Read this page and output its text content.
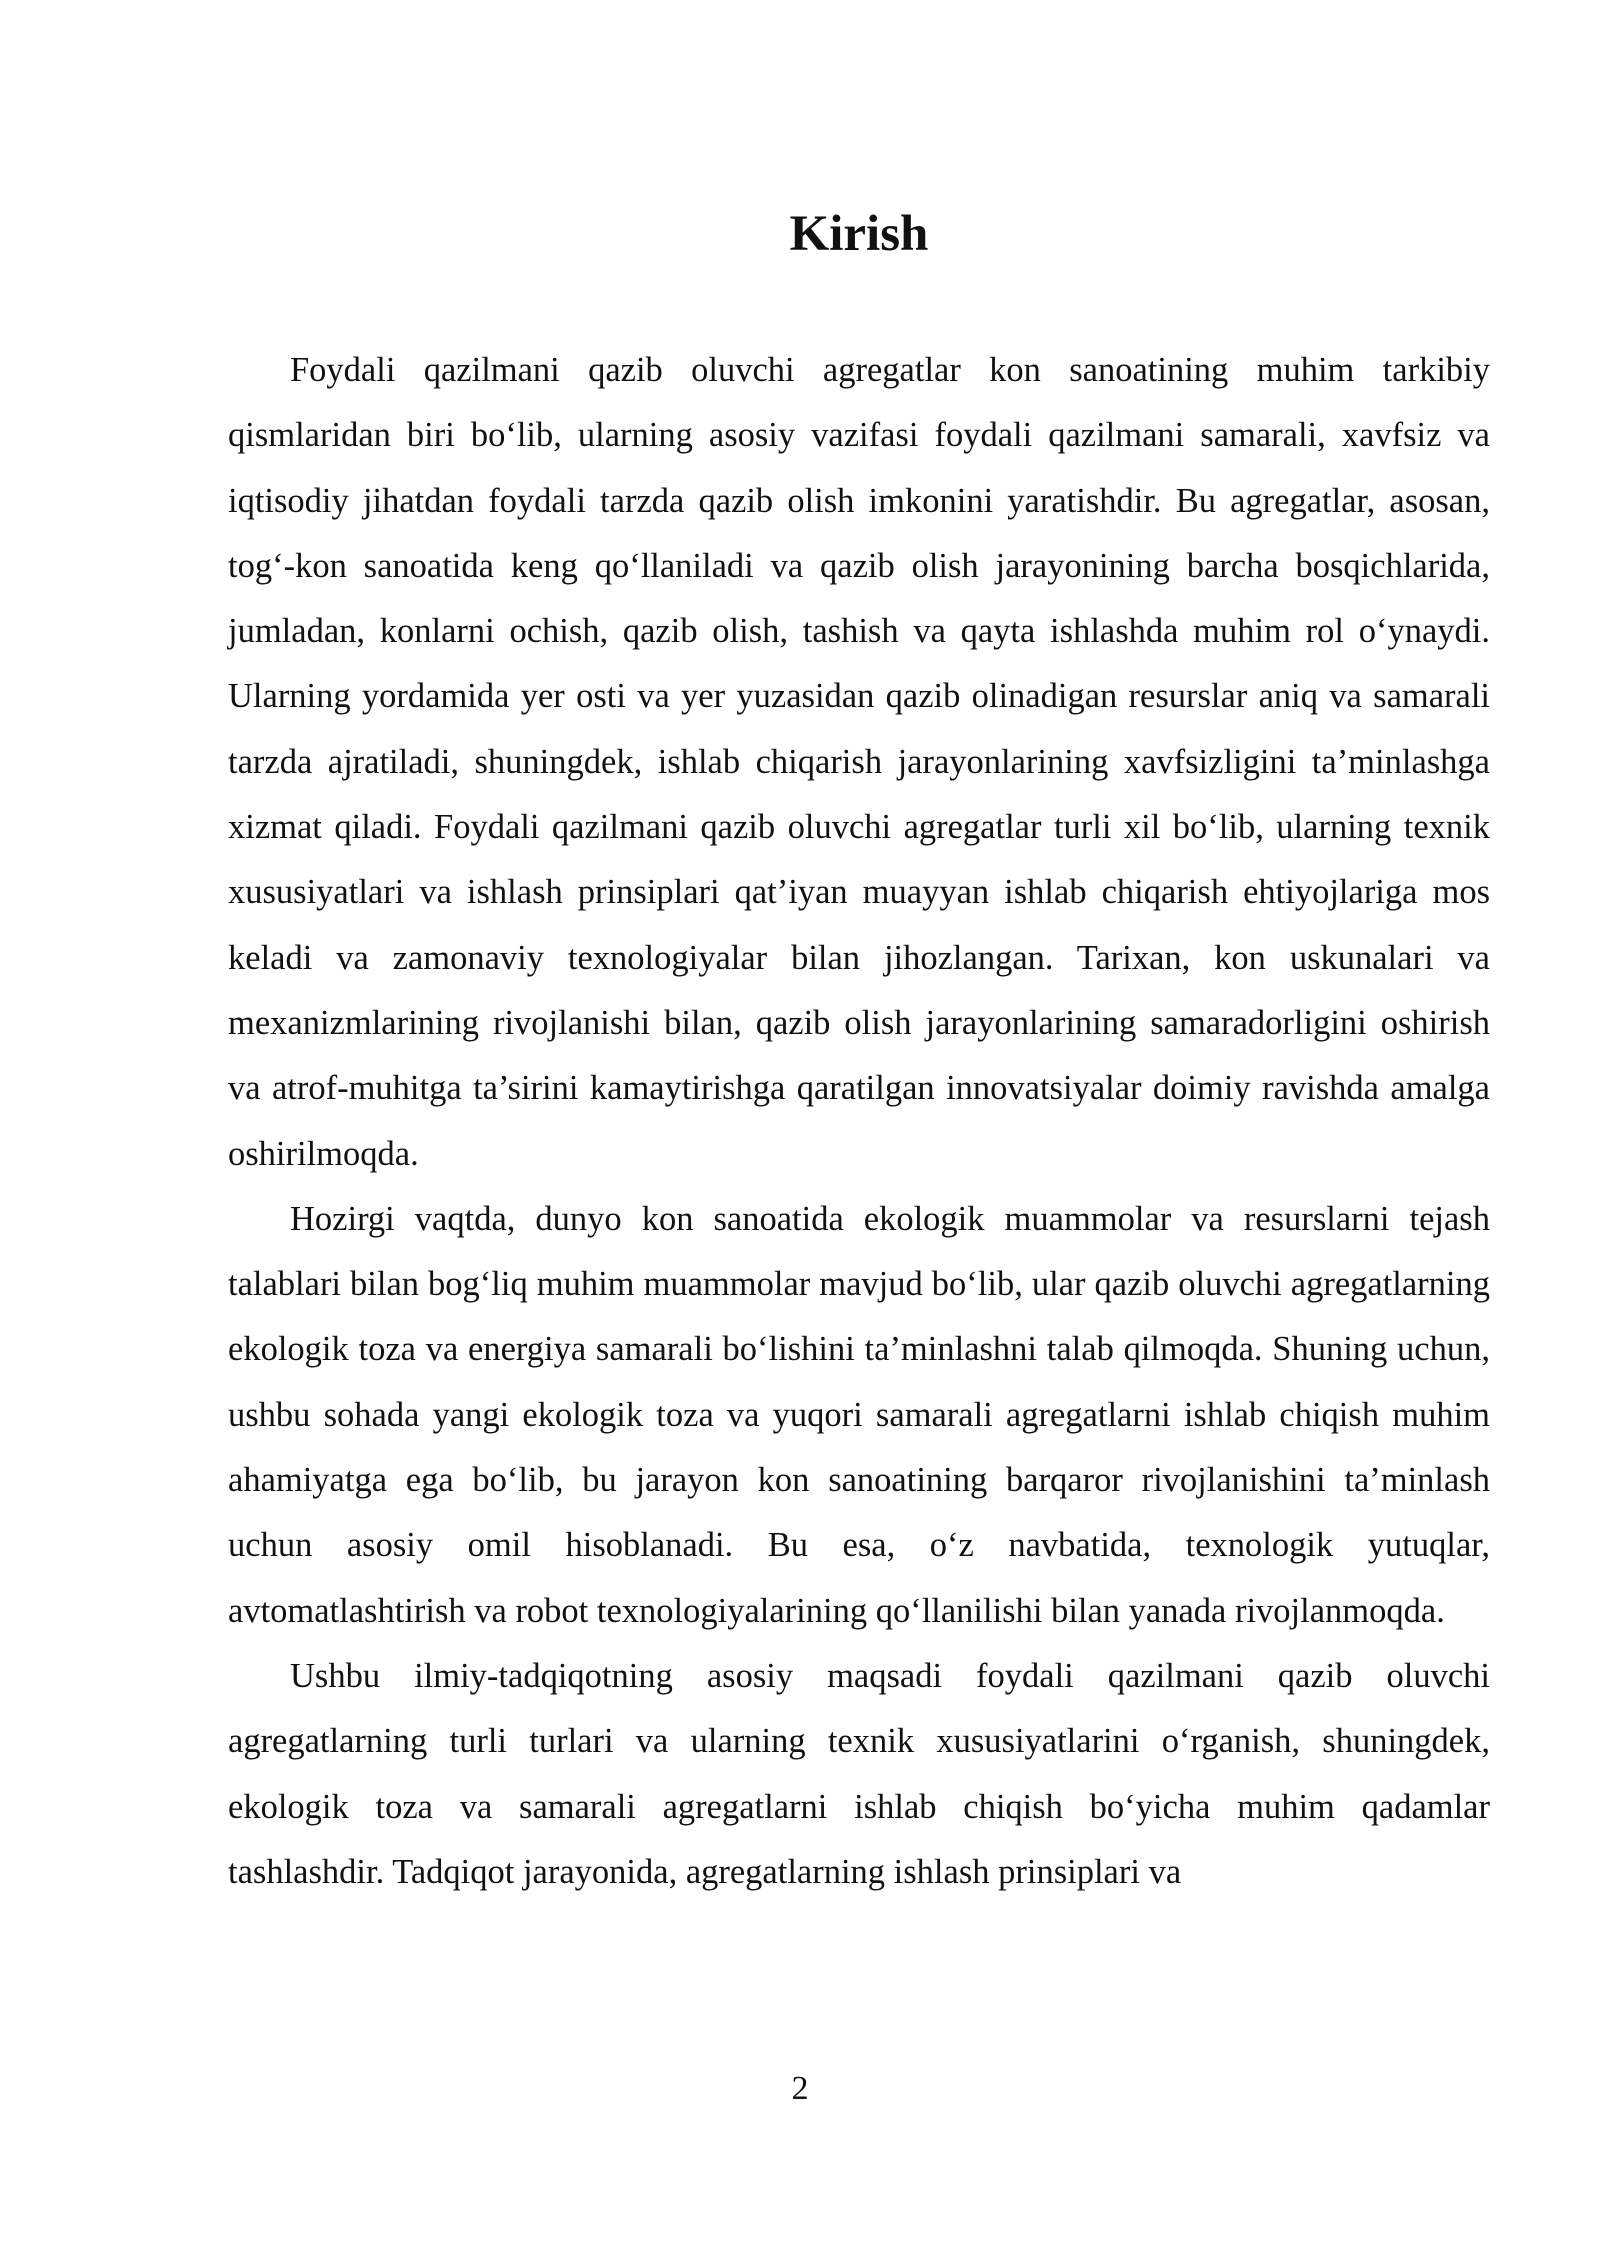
Kirish

Foydali qazilmani qazib oluvchi agregatlar kon sanoatining muhim tarkibiy qismlaridan biri bo‘lib, ularning asosiy vazifasi foydali qazilmani samarali, xavfsiz va iqtisodiy jihatdan foydali tarzda qazib olish imkonini yaratishdir. Bu agregatlar, asosan, tog‘-kon sanoatida keng qo‘llaniladi va qazib olish jarayonining barcha bosqichlarida, jumladan, konlarni ochish, qazib olish, tashish va qayta ishlashda muhim rol o‘ynaydi. Ularning yordamida yer osti va yer yuzasidan qazib olinadigan resurslar aniq va samarali tarzda ajratiladi, shuningdek, ishlab chiqarish jarayonlarining xavfsizligini ta’minlashga xizmat qiladi. Foydali qazilmani qazib oluvchi agregatlar turli xil bo‘lib, ularning texnik xususiyatlari va ishlash prinsiplari qat’iyan muayyan ishlab chiqarish ehtiyojlariga mos keladi va zamonaviy texnologiyalar bilan jihozlangan. Tarixan, kon uskunalari va mexanizmlarining rivojlanishi bilan, qazib olish jarayonlarining samaradorligini oshirish va atrof-muhitga ta’sirini kamaytirishga qaratilgan innovatsiyalar doimiy ravishda amalga oshirilmoqda.

Hozirgi vaqtda, dunyo kon sanoatida ekologik muammolar va resurslarni tejash talablari bilan bog‘liq muhim muammolar mavjud bo‘lib, ular qazib oluvchi agregatlarning ekologik toza va energiya samarali bo‘lishini ta’minlashni talab qilmoqda. Shuning uchun, ushbu sohada yangi ekologik toza va yuqori samarali agregatlarni ishlab chiqish muhim ahamiyatga ega bo‘lib, bu jarayon kon sanoatining barqaror rivojlanishini ta’minlash uchun asosiy omil hisoblanadi. Bu esa, o‘z navbatida, texnologik yutuqlar, avtomatlashtirish va robot texnologiyalarining qo‘llanilishi bilan yanada rivojlanmoqda.

Ushbu ilmiy-tadqiqotning asosiy maqsadi foydali qazilmani qazib oluvchi agregatlarning turli turlari va ularning texnik xususiyatlarini o‘rganish, shuningdek, ekologik toza va samarali agregatlarni ishlab chiqish bo‘yicha muhim qadamlar tashlashdir. Tadqiqot jarayonida, agregatlarning ishlash prinsiplari va

2
